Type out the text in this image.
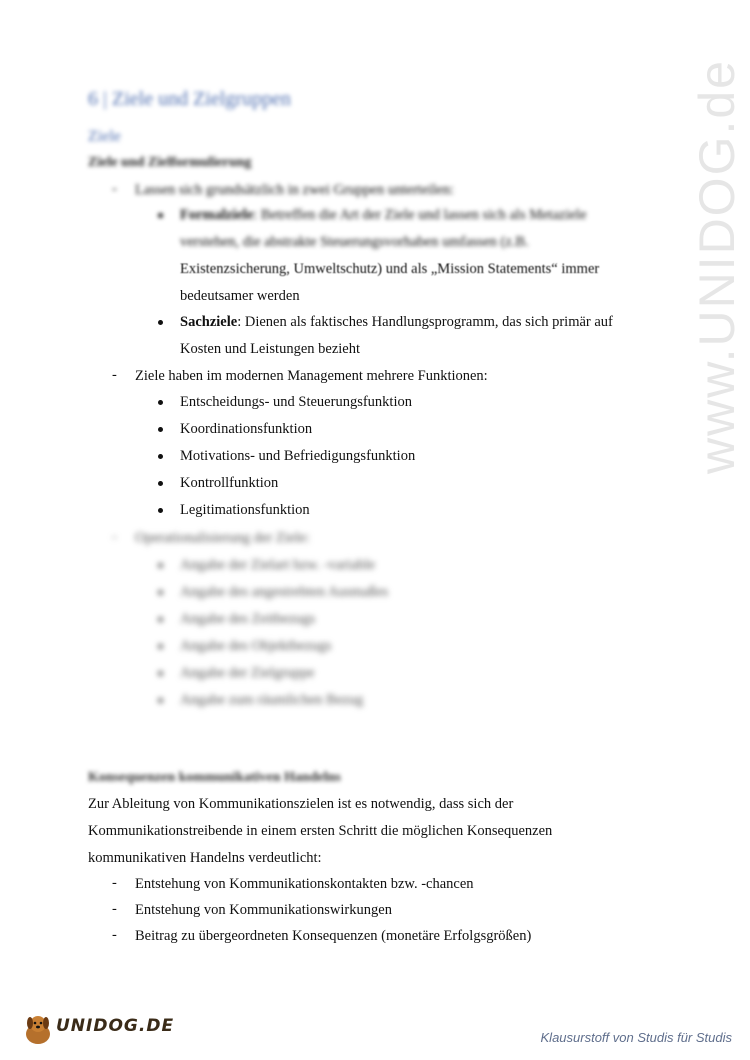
www.UNIDOG.de
6 | Ziele und Zielgruppen
Ziele
Ziele und Zielformulierung
- Lassen sich grundsätzlich in zwei Gruppen unterteilen:
Formalziele: Betreffen die Art der Ziele und lassen sich als Metaziele
verstehen, die abstrakte Steuerungsvorhaben umfassen (z.B.
Existenzsicherung, Umweltschutz) und als „Mission Statements“ immer
bedeutsamer werden
Sachziele: Dienen als faktisches Handlungsprogramm, das sich primär auf
Kosten und Leistungen bezieht
- Ziele haben im modernen Management mehrere Funktionen:
Entscheidungs- und Steuerungsfunktion
Koordinationsfunktion
Motivations- und Befriedigungsfunktion
Kontrollfunktion
Legitimationsfunktion
- Operationalisierung der Ziele:
Angabe der Zielart bzw. -variable
Angabe des angestrebten Ausmaßes
Angabe des Zeitbezugs
Angabe des Objektbezugs
Angabe der Zielgruppe
Angabe zum räumlichen Bezug
Konsequenzen kommunikativen Handelns
Zur Ableitung von Kommunikationszielen ist es notwendig, dass sich der
Kommunikationstreibende in einem ersten Schritt die möglichen Konsequenzen
kommunikativen Handelns verdeutlicht:
- Entstehung von Kommunikationskontakten bzw. -chancen
- Entstehung von Kommunikationswirkungen
- Beitrag zu übergeordneten Konsequenzen (monetäre Erfolgsgrößen)
UNIDOG.DE
Klausurstoff von Studis für Studis
